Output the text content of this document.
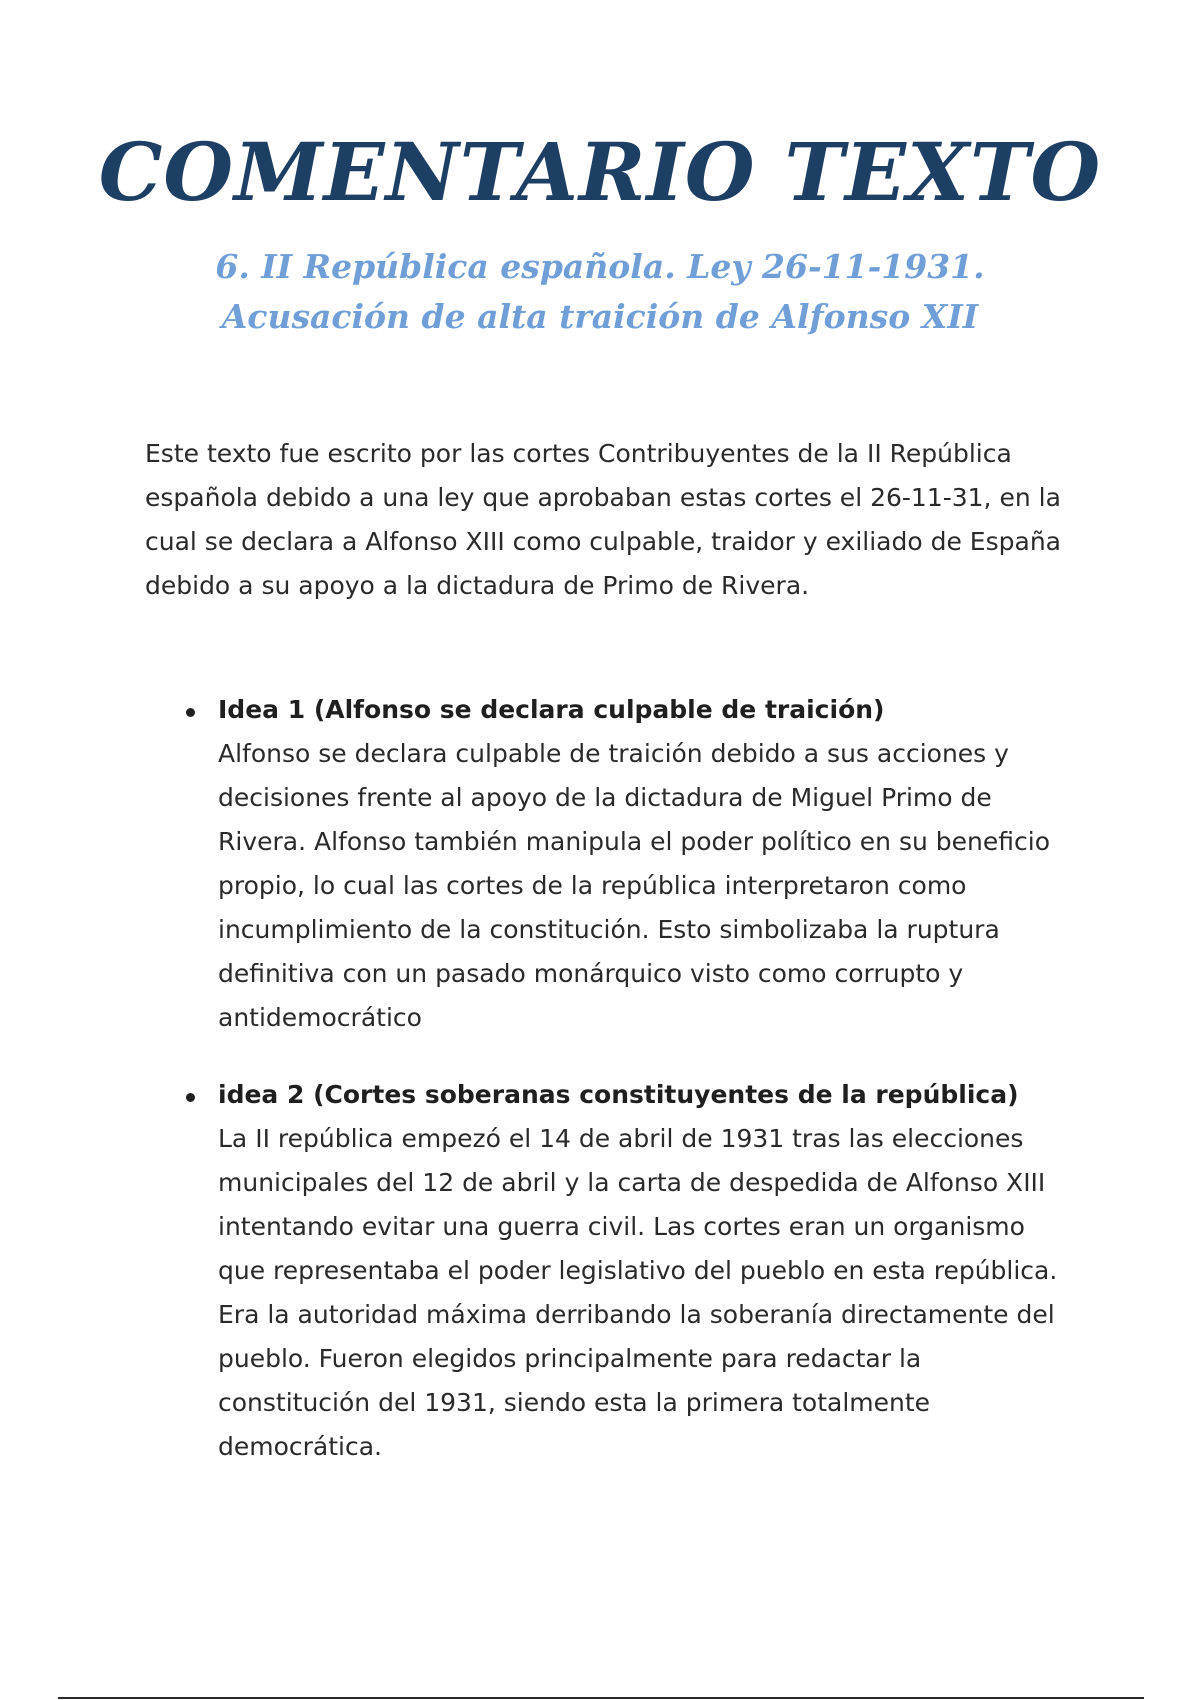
COMENTARIO TEXTO
6. II República española. Ley 26-11-1931. Acusación de alta traición de Alfonso XII

Este texto fue escrito por las cortes Contribuyentes de la II República española debido a una ley que aprobaban estas cortes el 26-11-31, en la cual se declara a Alfonso XIII como culpable, traidor y exiliado de España debido a su apoyo a la dictadura de Primo de Rivera.

Idea 1 (Alfonso se declara culpable de traición)

Alfonso se declara culpable de traición debido a sus acciones y decisiones frente al apoyo de la dictadura de Miguel Primo de Rivera. Alfonso también manipula el poder político en su beneficio propio, lo cual las cortes de la república interpretaron como incumplimiento de la constitución. Esto simbolizaba la ruptura definitiva con un pasado monárquico visto como corrupto y antidemocrático

idea 2 (Cortes soberanas constituyentes de la república)

La II república empezó el 14 de abril de 1931 tras las elecciones municipales del 12 de abril y la carta de despedida de Alfonso XIII intentando evitar una guerra civil. Las cortes eran un organismo que representaba el poder legislativo del pueblo en esta república. Era la autoridad máxima derribando la soberanía directamente del pueblo. Fueron elegidos principalmente para redactar la constitución del 1931, siendo esta la primera totalmente democrática.
